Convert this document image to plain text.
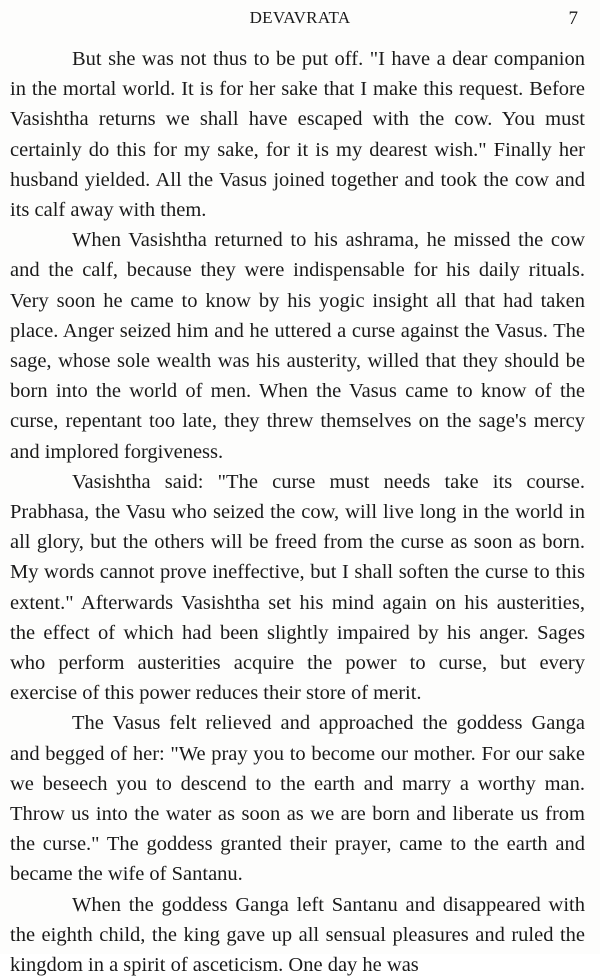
DEVAVRATA	7

But she was not thus to be put off. "I have a dear companion in the mortal world. It is for her sake that I make this request. Before Vasishtha returns we shall have escaped with the cow. You must certainly do this for my sake, for it is my dearest wish." Finally her husband yielded. All the Vasus joined together and took the cow and its calf away with them.

When Vasishtha returned to his ashrama, he missed the cow and the calf, because they were indispensable for his daily rituals. Very soon he came to know by his yogic insight all that had taken place. Anger seized him and he uttered a curse against the Vasus. The sage, whose sole wealth was his austerity, willed that they should be born into the world of men. When the Vasus came to know of the curse, repentant too late, they threw themselves on the sage's mercy and implored forgiveness.

Vasishtha said: "The curse must needs take its course. Prabhasa, the Vasu who seized the cow, will live long in the world in all glory, but the others will be freed from the curse as soon as born. My words cannot prove ineffective, but I shall soften the curse to this extent." Afterwards Vasishtha set his mind again on his austerities, the effect of which had been slightly impaired by his anger. Sages who perform austerities acquire the power to curse, but every exercise of this power reduces their store of merit.

The Vasus felt relieved and approached the goddess Ganga and begged of her: "We pray you to become our mother. For our sake we beseech you to descend to the earth and marry a worthy man. Throw us into the water as soon as we are born and liberate us from the curse." The goddess granted their prayer, came to the earth and became the wife of Santanu.

When the goddess Ganga left Santanu and disappeared with the eighth child, the king gave up all sensual pleasures and ruled the kingdom in a spirit of asceticism. One day he was
